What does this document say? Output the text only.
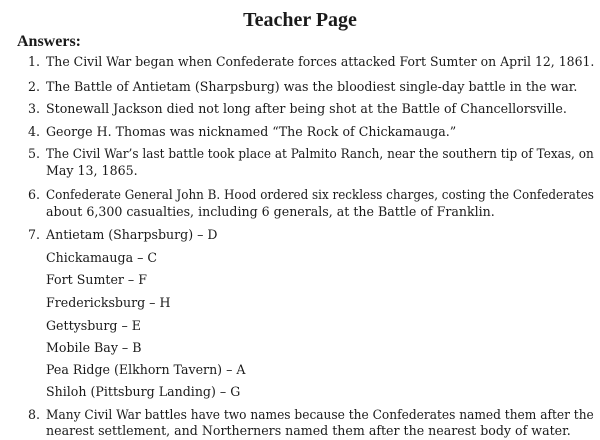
Teacher Page
Answers:
1. The Civil War began when Confederate forces attacked Fort Sumter on April 12, 1861.
2. The Battle of Antietam (Sharpsburg) was the bloodiest single-day battle in the war.
3. Stonewall Jackson died not long after being shot at the Battle of Chancellorsville.
4. George H. Thomas was nicknamed “The Rock of Chickamauga.”
5. The Civil War’s last battle took place at Palmito Ranch, near the southern tip of Texas, on
May 13, 1865.
6. Confederate General John B. Hood ordered six reckless charges, costing the Confederates
about 6,300 casualties, including 6 generals, at the Battle of Franklin.
7. Antietam (Sharpsburg) – D
Chickamauga – C
Fort Sumter – F
Fredericksburg – H
Gettysburg – E
Mobile Bay – B
Pea Ridge (Elkhorn Tavern) – A
Shiloh (Pittsburg Landing) – G
8. Many Civil War battles have two names because the Confederates named them after the
nearest settlement, and Northerners named them after the nearest body of water.
